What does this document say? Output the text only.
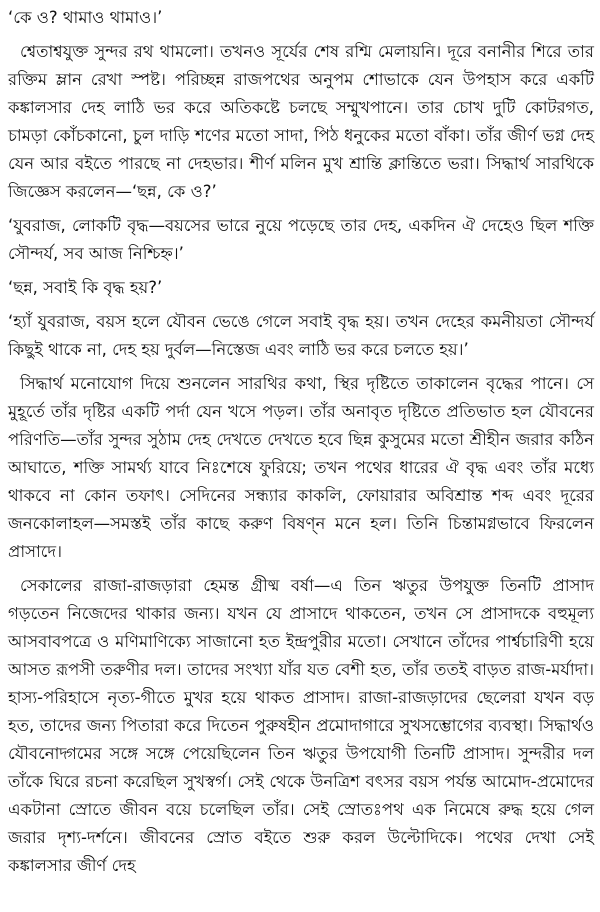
‘কে ও? থামাও থামাও।’

শ্বেতাশ্বযুক্ত সুন্দর রথ থামলো। তখনও সূর্যের শেষ রশ্মি মেলায়নি। দূরে বনানীর শিরে তার রক্তিম ম্লান রেখা স্পষ্ট। পরিচ্ছন্ন রাজপথের অনুপম শোভাকে যেন উপহাস করে একটি কঙ্কালসার দেহ লাঠি ভর করে অতিকষ্টে চলছে সম্মুখপানে। তার চোখ দুটি কোটরগত, চামড়া কোঁচকানো, চুল দাড়ি শণের মতো সাদা, পিঠ ধনুকের মতো বাঁকা। তাঁর জীর্ণ ভগ্ন দেহ যেন আর বইতে পারছে না দেহভার। শীর্ণ মলিন মুখ শ্রান্তি ক্লান্তিতে ভরা। সিদ্ধার্থ সারথিকে জিজ্ঞেস করলেন—‘ছন্ন, কে ও?’

‘যুবরাজ, লোকটি বৃদ্ধ—বয়সের ভারে নুয়ে পড়েছে তার দেহ, একদিন ঐ দেহেও ছিল শক্তি সৌন্দর্য, সব আজ নিশ্চিহ্ন।’

‘ছন্ন, সবাই কি বৃদ্ধ হয়?’

‘হ্যাঁ যুবরাজ, বয়স হলে যৌবন ভেঙে গেলে সবাই বৃদ্ধ হয়। তখন দেহের কমনীয়তা সৌন্দর্য কিছুই থাকে না, দেহ হয় দুর্বল—নিস্তেজ এবং লাঠি ভর করে চলতে হয়।’

সিদ্ধার্থ মনোযোগ দিয়ে শুনলেন সারথির কথা, স্থির দৃষ্টিতে তাকালেন বৃদ্ধের পানে। সে মুহূর্তে তাঁর দৃষ্টির একটি পর্দা যেন খসে পড়ল। তাঁর অনাবৃত দৃষ্টিতে প্রতিভাত হল যৌবনের পরিণতি—তাঁর সুন্দর সুঠাম দেহ দেখতে দেখতে হবে ছিন্ন কুসুমের মতো শ্রীহীন জরার কঠিন আঘাতে, শক্তি সামর্থ্য যাবে নিঃশেষে ফুরিয়ে; তখন পথের ধারের ঐ বৃদ্ধ এবং তাঁর মধ্যে থাকবে না কোন তফাৎ। সেদিনের সন্ধ্যার কাকলি, ফোয়ারার অবিশ্রান্ত শব্দ এবং দূরের জনকোলাহল—সমস্তই তাঁর কাছে করুণ বিষণ্ন মনে হল। তিনি চিন্তামগ্নভাবে ফিরলেন প্রাসাদে।

সেকালের রাজা-রাজড়ারা হেমন্ত গ্রীষ্ম বর্ষা—এ তিন ঋতুর উপযুক্ত তিনটি প্রাসাদ গড়তেন নিজেদের থাকার জন্য। যখন যে প্রাসাদে থাকতেন, তখন সে প্রাসাদকে বহুমূল্য আসবাবপত্রে ও মণিমাণিক্যে সাজানো হত ইন্দ্রপুরীর মতো। সেখানে তাঁদের পার্শ্বচারিণী হয়ে আসত রূপসী তরুণীর দল। তাদের সংখ্যা যাঁর যত বেশী হত, তাঁর ততই বাড়ত রাজ-মর্যাদা। হাস্য-পরিহাসে নৃত্য-গীতে মুখর হয়ে থাকত প্রাসাদ। রাজা-রাজড়াদের ছেলেরা যখন বড় হত, তাদের জন্য পিতারা করে দিতেন পুরুষহীন প্রমোদাগারে সুখসম্ভোগের ব্যবস্থা। সিদ্ধার্থও যৌবনোদ্গমের সঙ্গে সঙ্গে পেয়েছিলেন তিন ঋতুর উপযোগী তিনটি প্রাসাদ। সুন্দরীর দল তাঁকে ঘিরে রচনা করেছিল সুখস্বর্গ। সেই থেকে উনত্রিশ বৎসর বয়স পর্যন্ত আমোদ-প্রমোদের একটানা স্রোতে জীবন বয়ে চলেছিল তাঁর। সেই স্রোতঃপথ এক নিমেষে রুদ্ধ হয়ে গেল জরার দৃশ্য-দর্শনে। জীবনের স্রোত বইতে শুরু করল উল্টোদিকে। পথের দেখা সেই কঙ্কালসার জীর্ণ দেহ
